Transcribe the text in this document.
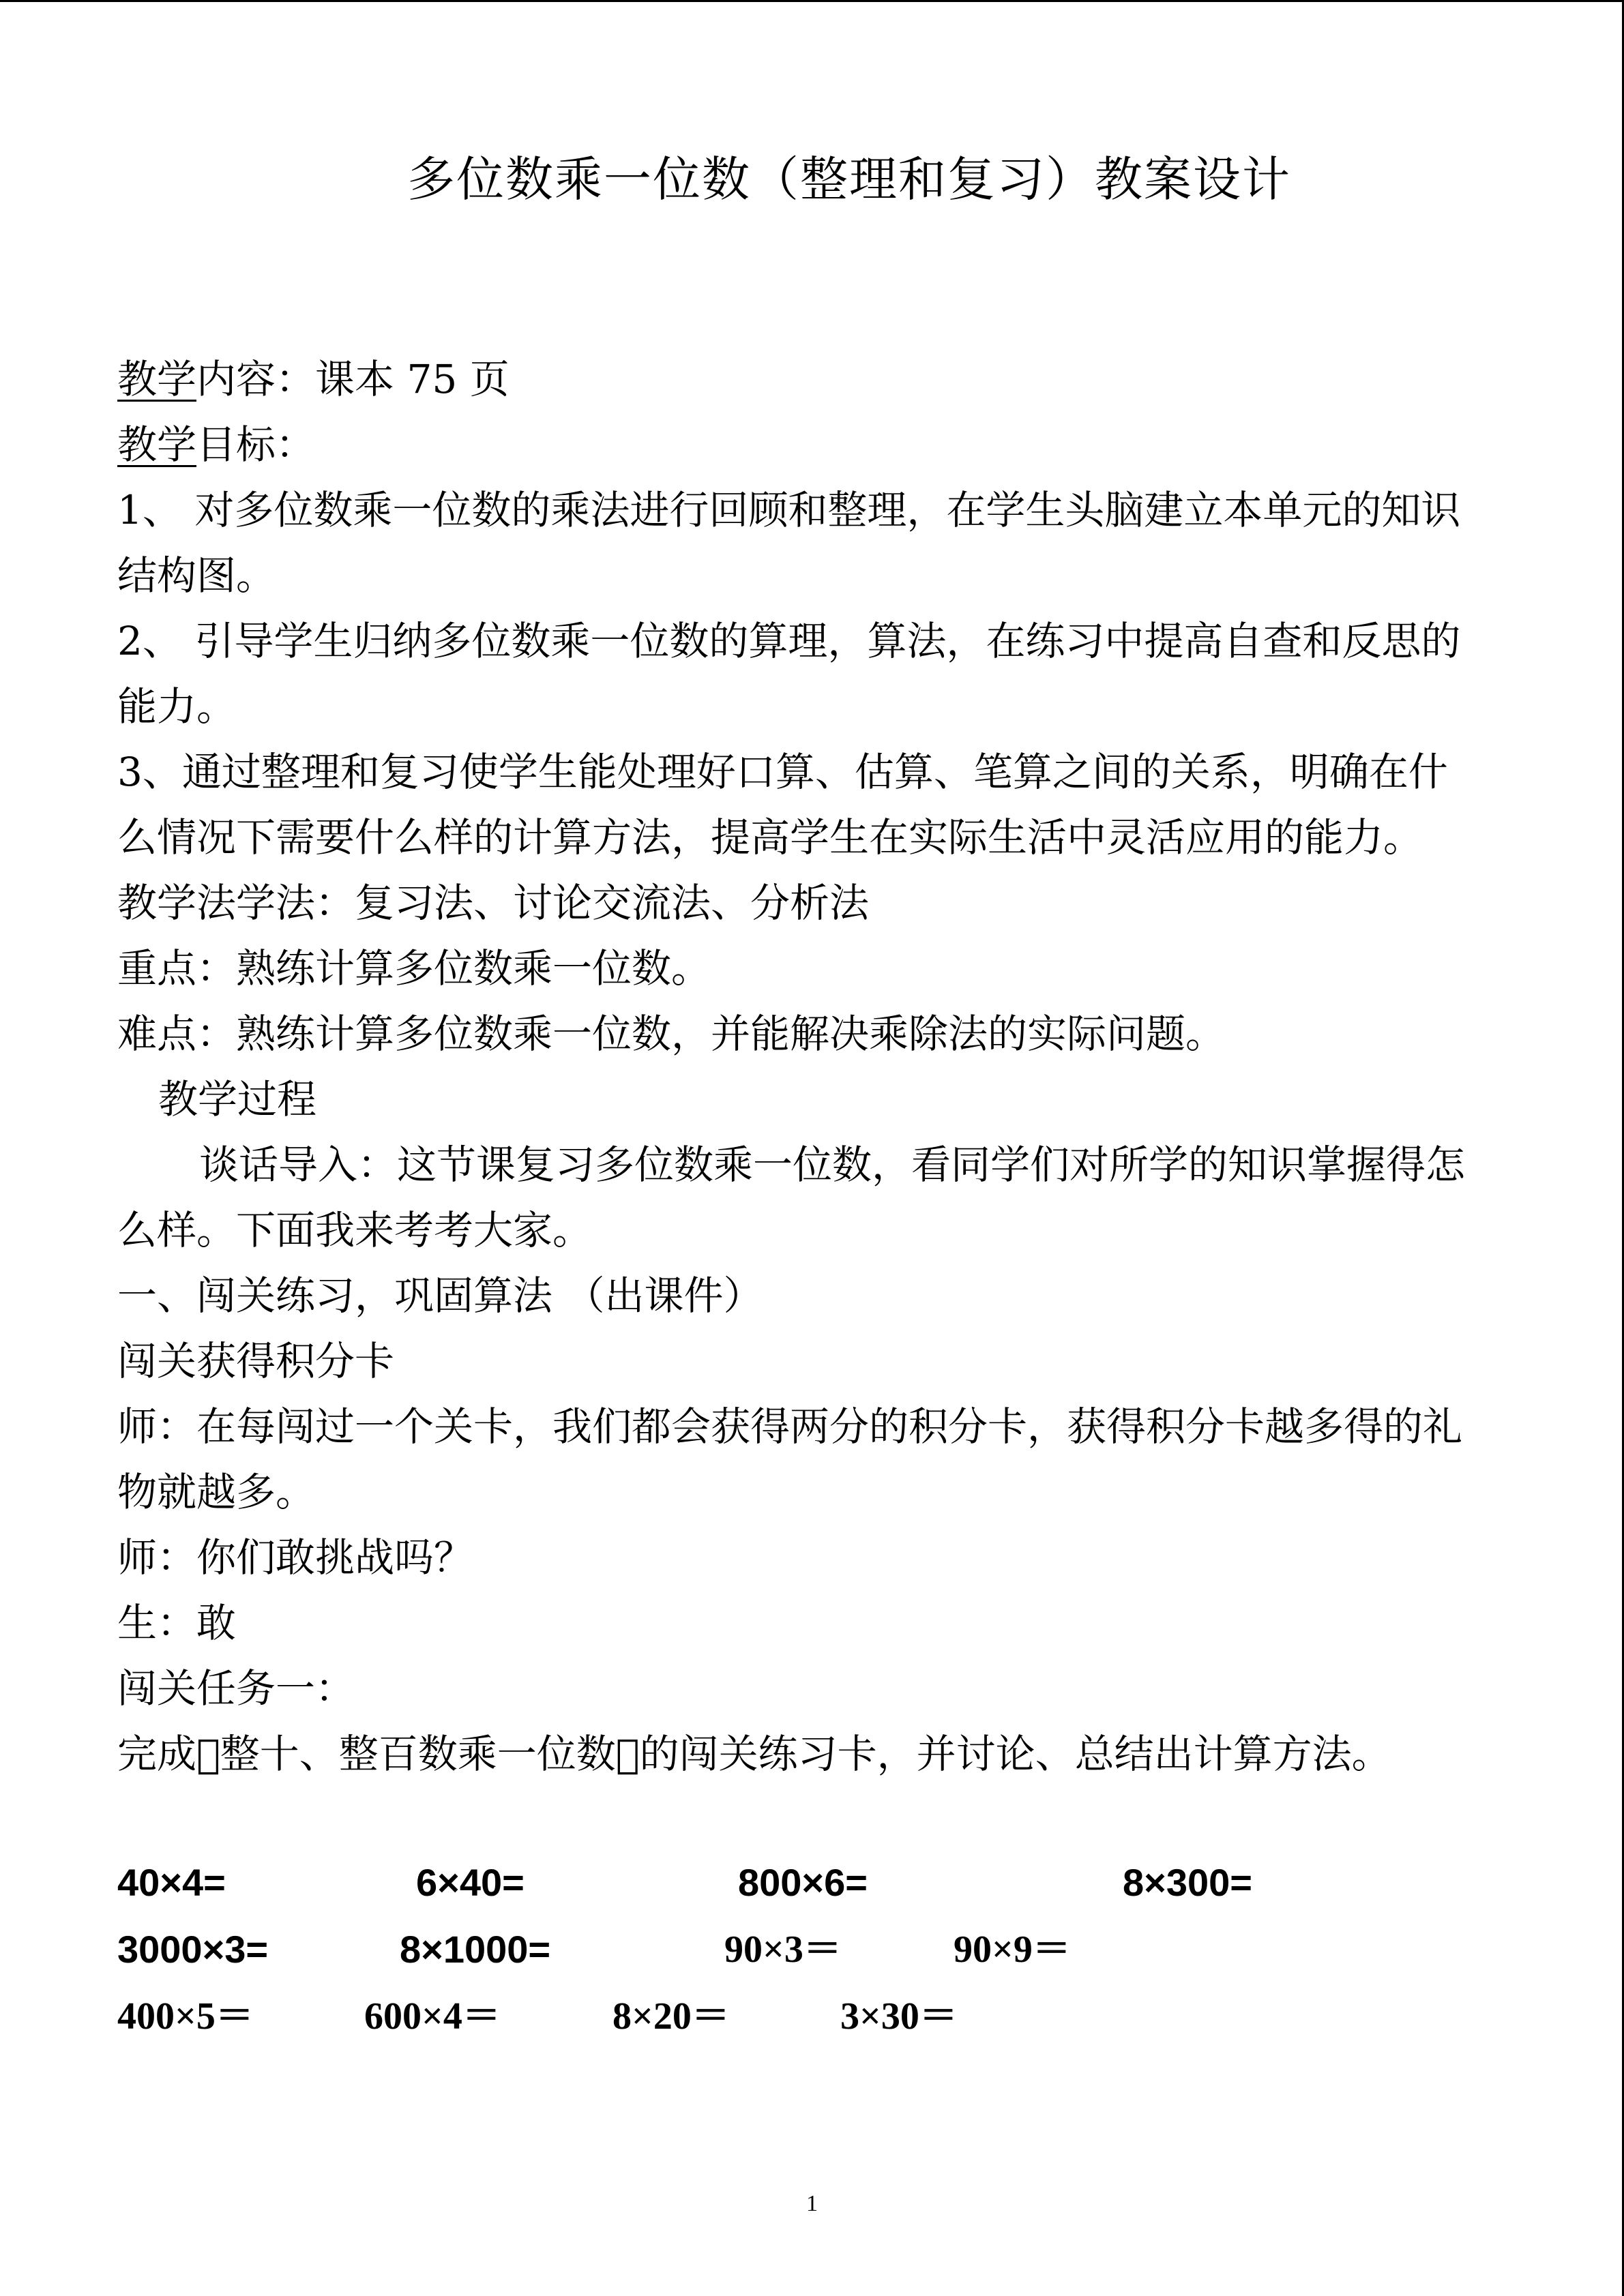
多位数乘一位数（整理和复习）教案设计
教学内容：课本 75 页
教学目标：
1、 对多位数乘一位数的乘法进行回顾和整理，在学生头脑建立本单元的知识
结构图。
2、 引导学生归纳多位数乘一位数的算理，算法，在练习中提高自查和反思的
能力。
3、通过整理和复习使学生能处理好口算、估算、笔算之间的关系，明确在什
么情况下需要什么样的计算方法，提高学生在实际生活中灵活应用的能力。
教学法学法：复习法、讨论交流法、分析法
重点：熟练计算多位数乘一位数。
难点：熟练计算多位数乘一位数，并能解决乘除法的实际问题。
教学过程
谈话导入：这节课复习多位数乘一位数，看同学们对所学的知识掌握得怎
么样。下面我来考考大家。
一、闯关练习，巩固算法 （出课件）
闯关获得积分卡
师：在每闯过一个关卡，我们都会获得两分的积分卡，获得积分卡越多得的礼
物就越多。
师：你们敢挑战吗？
生：敢
闯关任务一：
完成 整十、整百数乘一位数 的闯关练习卡，并讨论、总结出计算方法。
40×4=	6×40=	800×6=	8×300=
3000×3=	8×1000=	90×3＝	90×9＝
400×5＝	600×4＝	8×20＝	3×30＝
1
